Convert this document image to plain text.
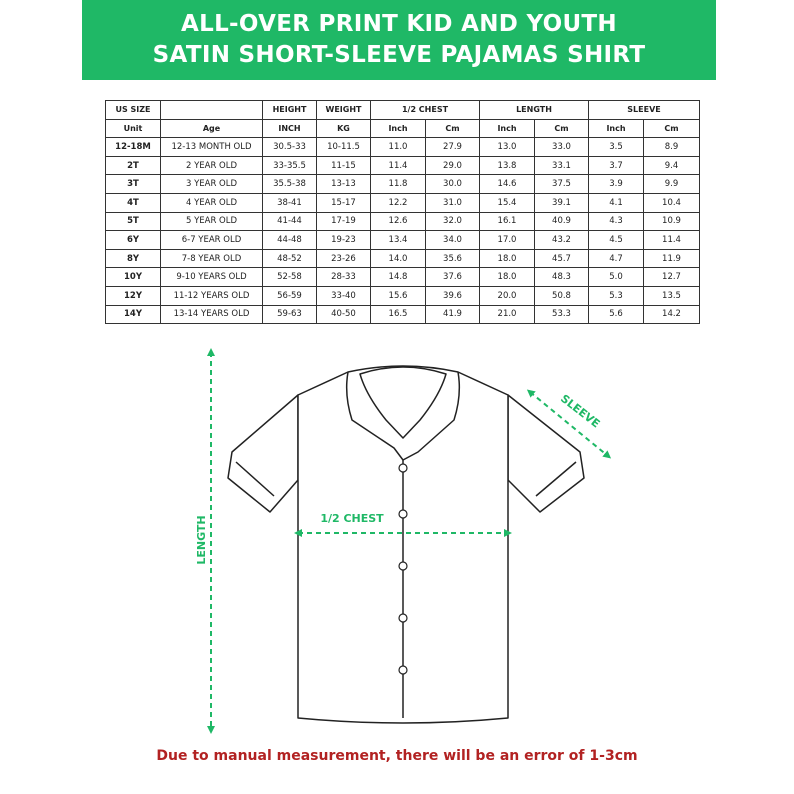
ALL-OVER PRINT KID AND YOUTH
SATIN SHORT-SLEEVE PAJAMAS SHIRT
US SIZE		HEIGHT	WEIGHT	1/2 CHEST		LENGTH		SLEEVE	
Unit	Age	INCH	KG	Inch	Cm	Inch	Cm	Inch	Cm
12-18M	12-13 MONTH OLD	30.5-33	10-11.5	11.0	27.9	13.0	33.0	3.5	8.9
2T	2 YEAR OLD	33-35.5	11-15	11.4	29.0	13.8	33.1	3.7	9.4
3T	3 YEAR OLD	35.5-38	13-13	11.8	30.0	14.6	37.5	3.9	9.9
4T	4 YEAR OLD	38-41	15-17	12.2	31.0	15.4	39.1	4.1	10.4
5T	5 YEAR OLD	41-44	17-19	12.6	32.0	16.1	40.9	4.3	10.9
6Y	6-7 YEAR OLD	44-48	19-23	13.4	34.0	17.0	43.2	4.5	11.4
8Y	7-8 YEAR OLD	48-52	23-26	14.0	35.6	18.0	45.7	4.7	11.9
10Y	9-10 YEARS OLD	52-58	28-33	14.8	37.6	18.0	48.3	5.0	12.7
12Y	11-12 YEARS OLD	56-59	33-40	15.6	39.6	20.0	50.8	5.3	13.5
14Y	13-14 YEARS OLD	59-63	40-50	16.5	41.9	21.0	53.3	5.6	14.2
LENGTH	1/2 CHEST
SLEEVE
Due to manual measurement, there will be an error of 1-3cm
